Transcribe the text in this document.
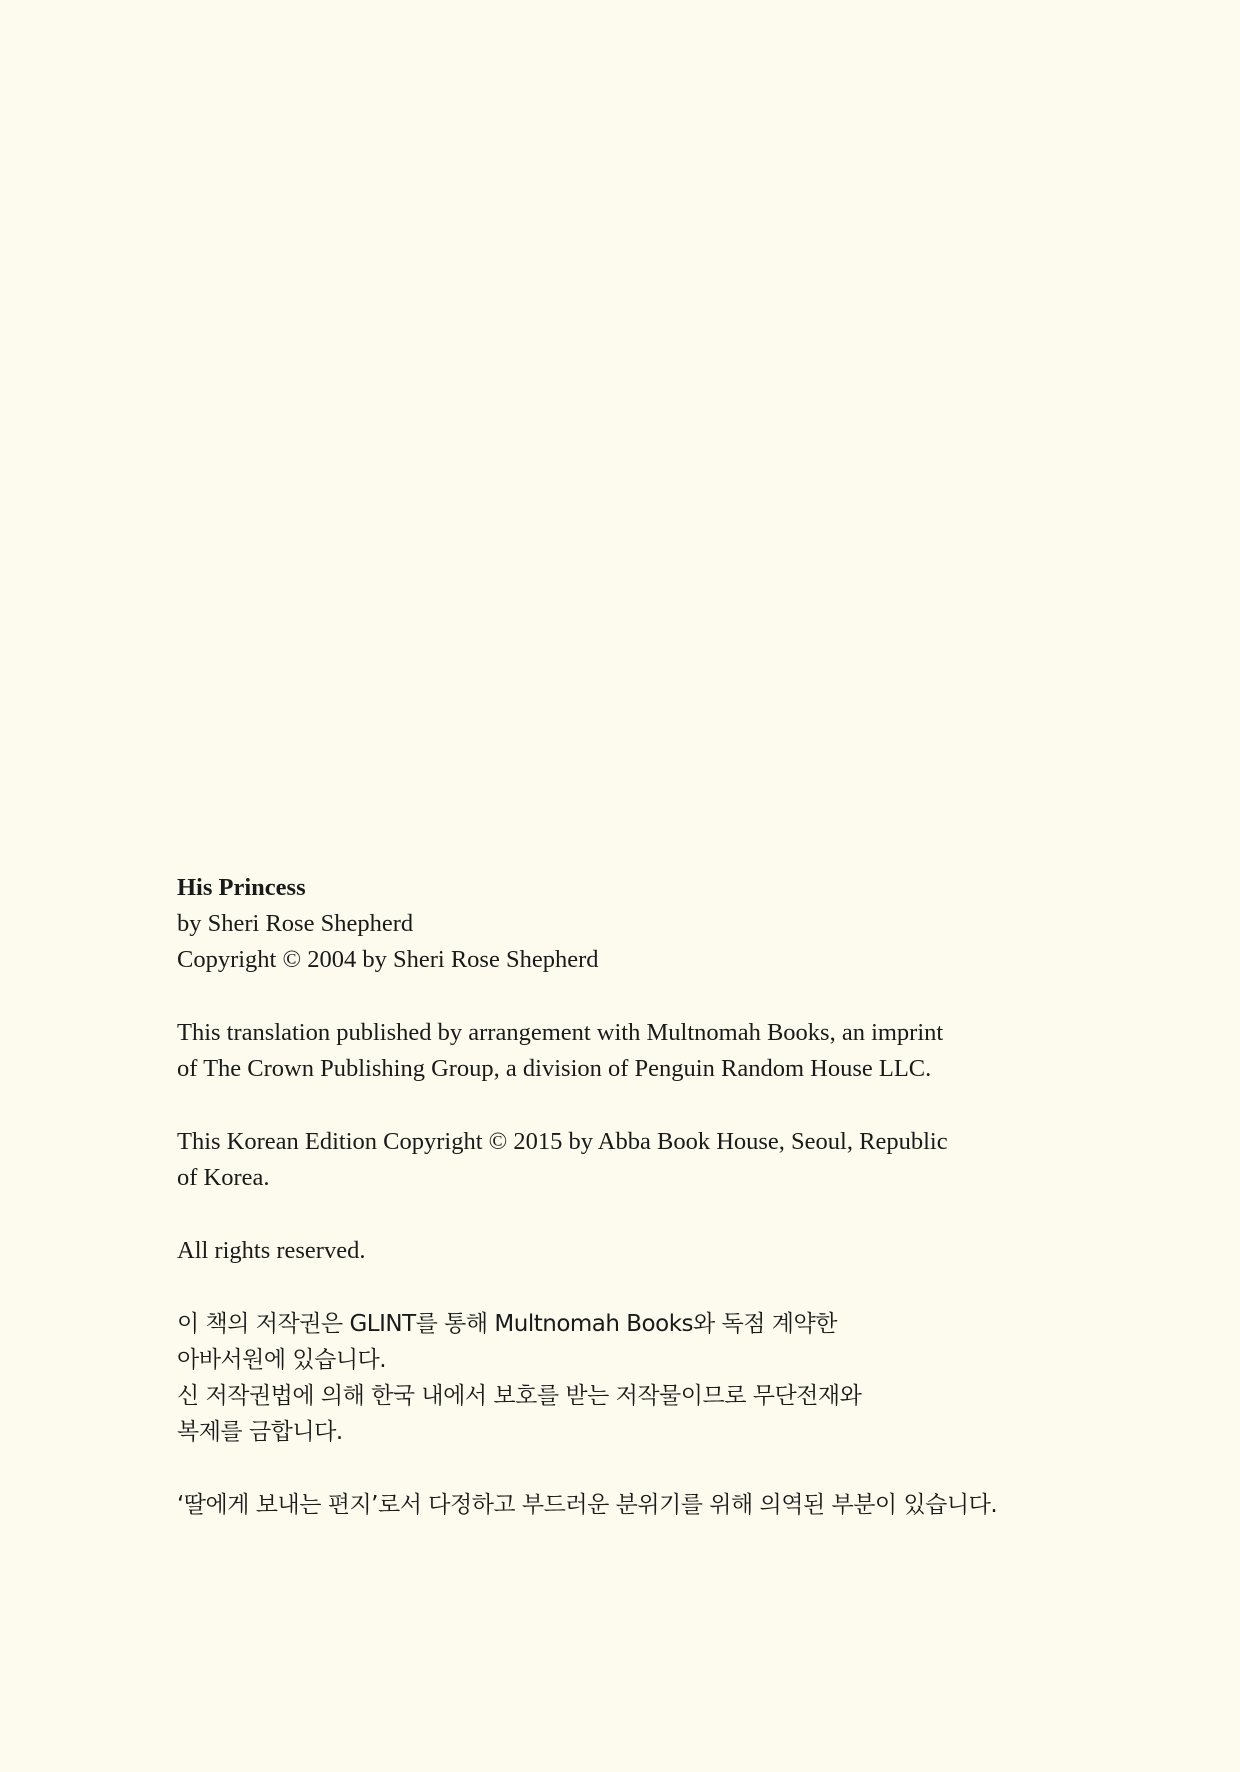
His Princess
by Sheri Rose Shepherd
Copyright © 2004 by Sheri Rose Shepherd
This translation published by arrangement with Multnomah Books, an imprint
of The Crown Publishing Group, a division of Penguin Random House LLC.
This Korean Edition Copyright © 2015 by Abba Book House, Seoul, Republic
of Korea.
All rights reserved.
이 책의 저작권은 GLINT를 통해 Multnomah Books와 독점 계약한
아바서원에 있습니다.
신 저작권법에 의해 한국 내에서 보호를 받는 저작물이므로 무단전재와
복제를 금합니다.
‘딸에게 보내는 편지’로서 다정하고 부드러운 분위기를 위해 의역된 부분이 있습니다.
